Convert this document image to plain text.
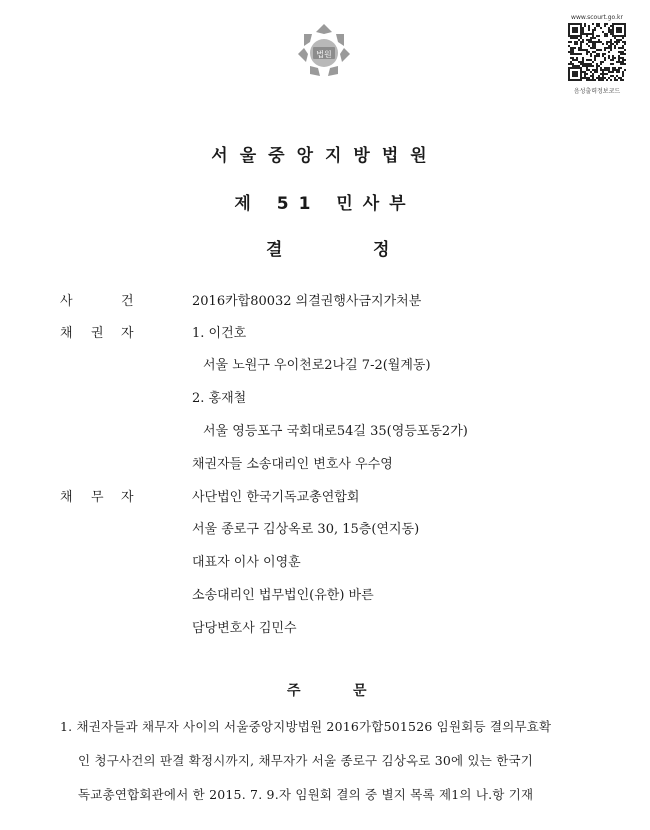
법원
www.scourt.go.kr
음성출력정보코드
서울중앙지방법원
제 51 민사부
결	정
사	건	2016카합80032 의결권행사금지가처분
채 권 자	1. 이건호
서울 노원구 우이천로2나길 7-2(월계동)
2. 홍재철
서울 영등포구 국회대로54길 35(영등포동2가)
채권자들 소송대리인 변호사 우수영
채 무 자	사단법인 한국기독교총연합회
서울 종로구 김상옥로 30, 15층(연지동)
대표자 이사 이영훈
소송대리인 법무법인(유한) 바른
담당변호사 김민수
주	문
1. 채권자들과 채무자 사이의 서울중앙지방법원 2016가합501526 임원회등 결의무효확
인 청구사건의 판결 확정시까지, 채무자가 서울 종로구 김상옥로 30에 있는 한국기
독교총연합회관에서 한 2015. 7. 9.자 임원회 결의 중 별지 목록 제1의 나.항 기재
